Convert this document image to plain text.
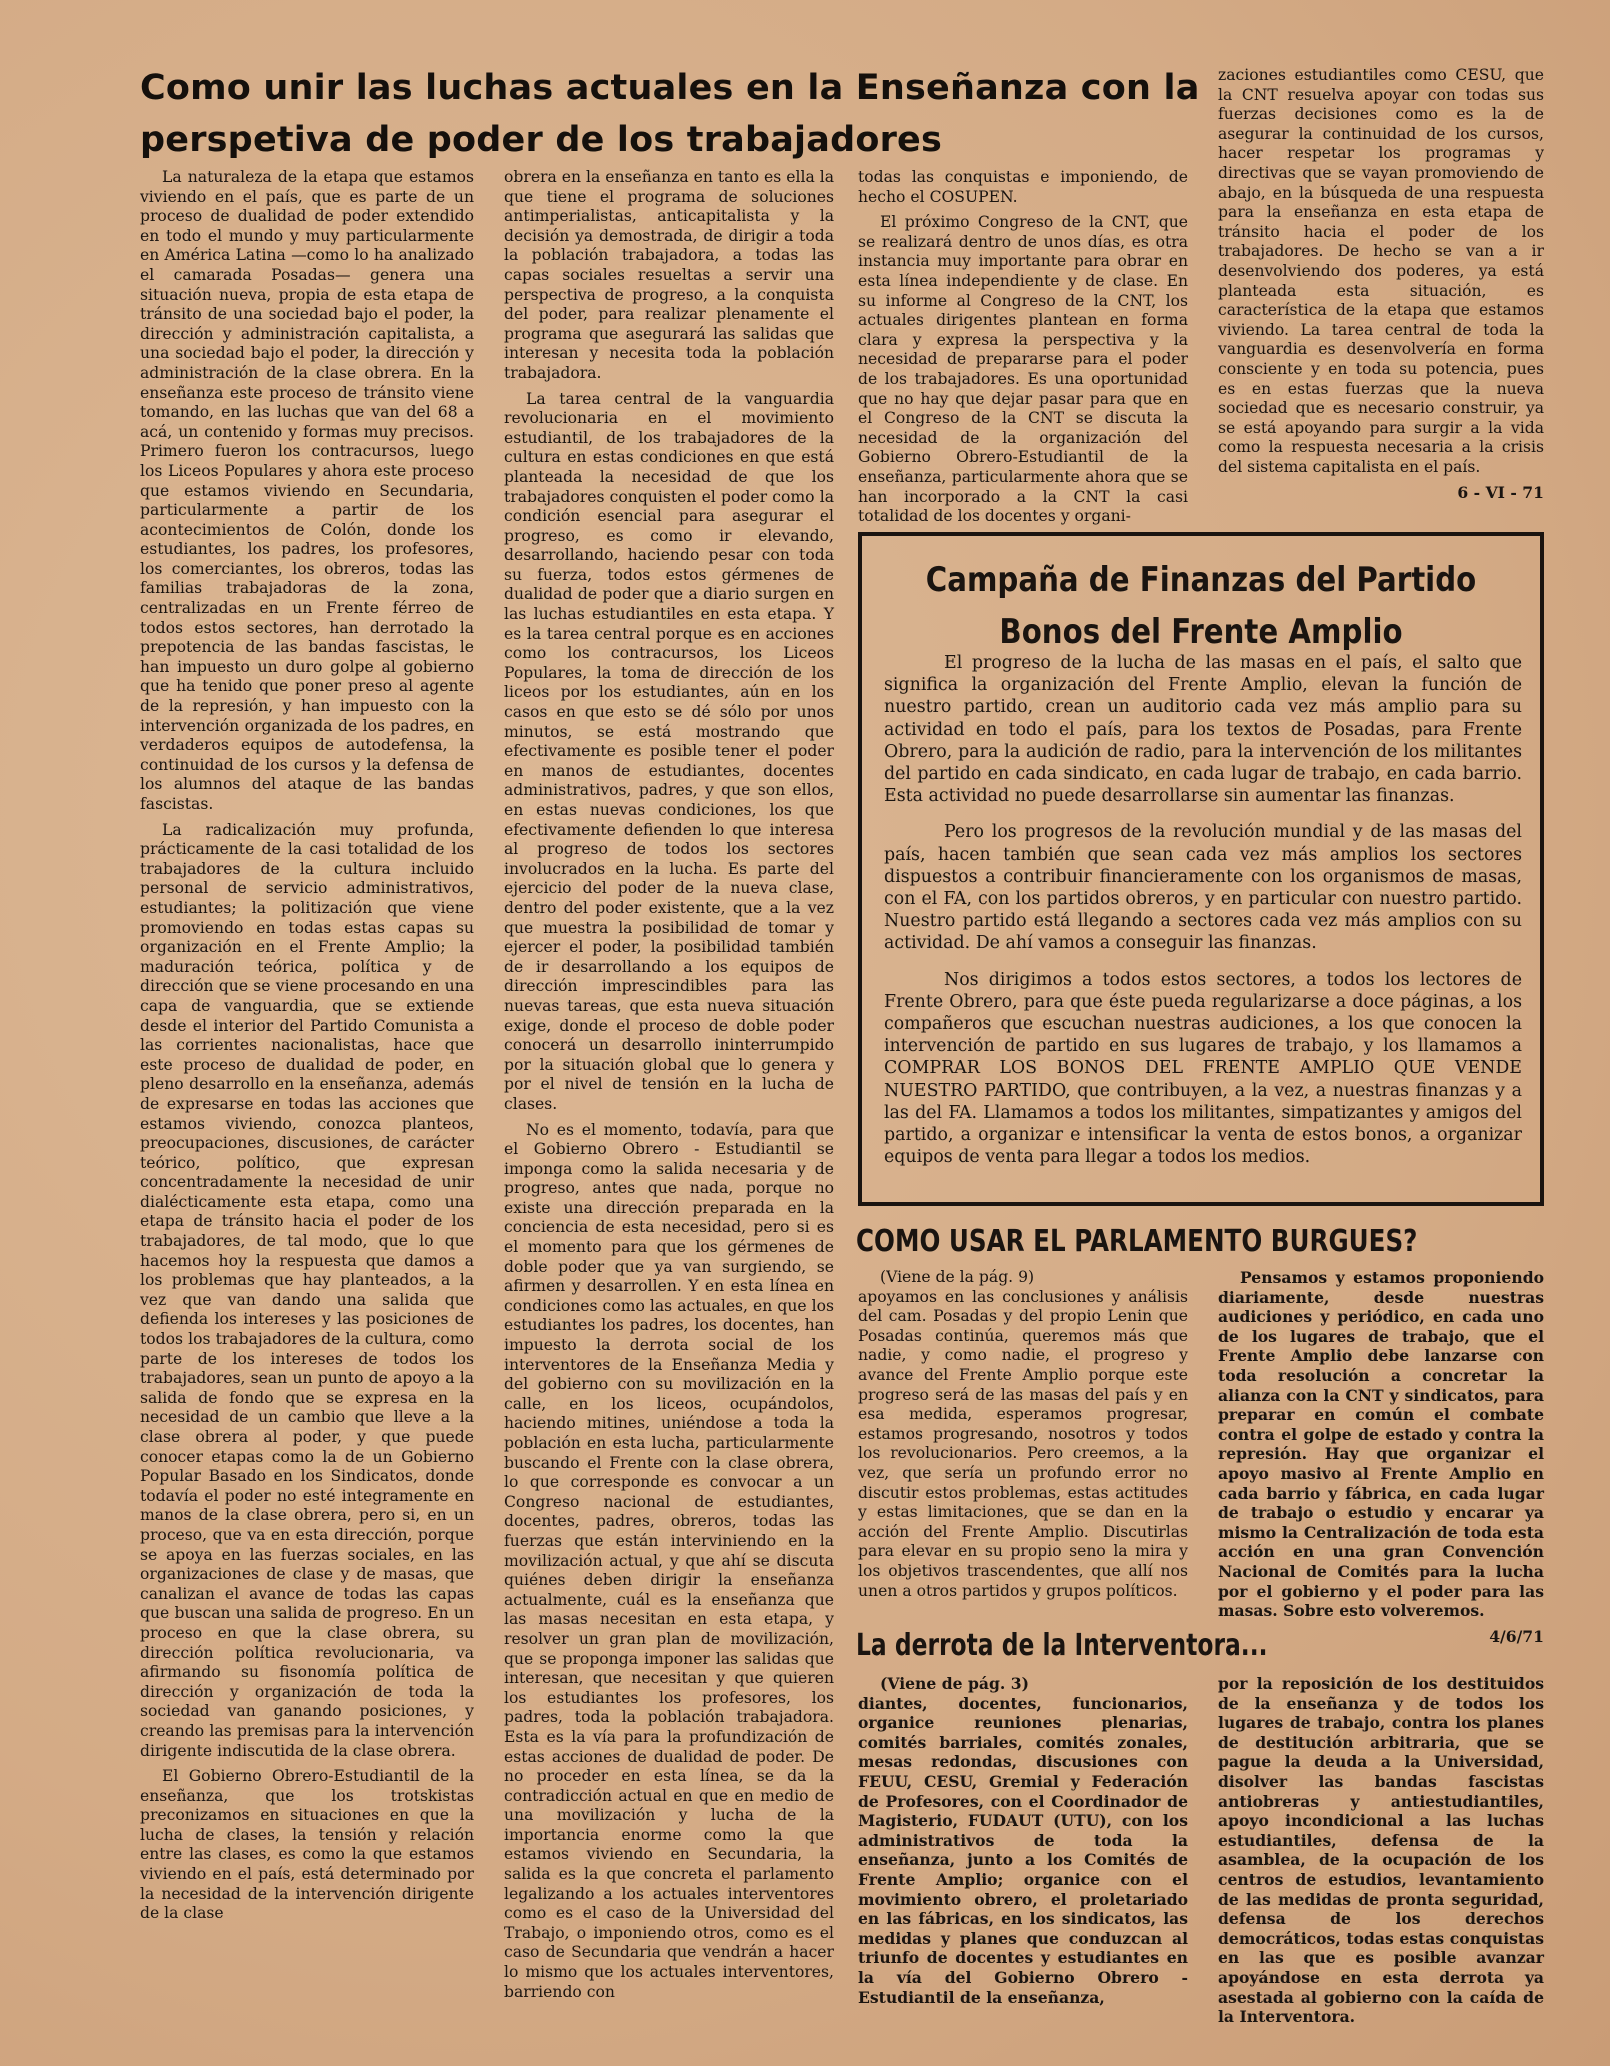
Como unir las luchas actuales en la Enseñanza con la perspetiva de poder de los trabajadores

La naturaleza de la etapa que estamos viviendo en el país, que es parte de un proceso de dualidad de poder extendido en todo el mundo y muy particularmente en América Latina —como lo ha analizado el camarada Posadas— genera una situación nueva, propia de esta etapa de tránsito de una sociedad bajo el poder, la dirección y administración capitalista, a una sociedad bajo el poder, la dirección y administración de la clase obrera. En la enseñanza este proceso de tránsito viene tomando, en las luchas que van del 68 a acá, un contenido y formas muy precisos. Primero fueron los contracursos, luego los Liceos Populares y ahora este proceso que estamos viviendo en Secundaria, particularmente a partir de los acontecimientos de Colón, donde los estudiantes, los padres, los profesores, los comerciantes, los obreros, todas las familias trabajadoras de la zona, centralizadas en un Frente férreo de todos estos sectores, han derrotado la prepotencia de las bandas fascistas, le han impuesto un duro golpe al gobierno que ha tenido que poner preso al agente de la represión, y han impuesto con la intervención organizada de los padres, en verdaderos equipos de autodefensa, la continuidad de los cursos y la defensa de los alumnos del ataque de las bandas fascistas.

La radicalización muy profunda, prácticamente de la casi totalidad de los trabajadores de la cultura incluido personal de servicio administrativos, estudiantes; la politización que viene promoviendo en todas estas capas su organización en el Frente Amplio; la maduración teórica, política y de dirección que se viene procesando en una capa de vanguardia, que se extiende desde el interior del Partido Comunista a las corrientes nacionalistas, hace que este proceso de dualidad de poder, en pleno desarrollo en la enseñanza, además de expresarse en todas las acciones que estamos viviendo, conozca planteos, preocupaciones, discusiones, de carácter teórico, político, que expresan concentradamente la necesidad de unir dialécticamente esta etapa, como una etapa de tránsito hacia el poder de los trabajadores, de tal modo, que lo que hacemos hoy la respuesta que damos a los problemas que hay planteados, a la vez que van dando una salida que defienda los intereses y las posiciones de todos los trabajadores de la cultura, como parte de los intereses de todos los trabajadores, sean un punto de apoyo a la salida de fondo que se expresa en la necesidad de un cambio que lleve a la clase obrera al poder, y que puede conocer etapas como la de un Gobierno Popular Basado en los Sindicatos, donde todavía el poder no esté integramente en manos de la clase obrera, pero si, en un proceso, que va en esta dirección, porque se apoya en las fuerzas sociales, en las organizaciones de clase y de masas, que canalizan el avance de todas las capas que buscan una salida de progreso. En un proceso en que la clase obrera, su dirección política revolucionaria, va afirmando su fisonomía política de dirección y organización de toda la sociedad van ganando posiciones, y creando las premisas para la intervención dirigente indiscutida de la clase obrera.

El Gobierno Obrero-Estudiantil de la enseñanza, que los trotskistas preconizamos en situaciones en que la lucha de clases, la tensión y relación entre las clases, es como la que estamos viviendo en el país, está determinado por la necesidad de la intervención dirigente de la clase

obrera en la enseñanza en tanto es ella la que tiene el programa de soluciones antimperialistas, anticapitalista y la decisión ya demostrada, de dirigir a toda la población trabajadora, a todas las capas sociales resueltas a servir una perspectiva de progreso, a la conquista del poder, para realizar plenamente el programa que asegurará las salidas que interesan y necesita toda la población trabajadora.

La tarea central de la vanguardia revolucionaria en el movimiento estudiantil, de los trabajadores de la cultura en estas condiciones en que está planteada la necesidad de que los trabajadores conquisten el poder como la condición esencial para asegurar el progreso, es como ir elevando, desarrollando, haciendo pesar con toda su fuerza, todos estos gérmenes de dualidad de poder que a diario surgen en las luchas estudiantiles en esta etapa. Y es la tarea central porque es en acciones como los contracursos, los Liceos Populares, la toma de dirección de los liceos por los estudiantes, aún en los casos en que esto se dé sólo por unos minutos, se está mostrando que efectivamente es posible tener el poder en manos de estudiantes, docentes administrativos, padres, y que son ellos, en estas nuevas condiciones, los que efectivamente defienden lo que interesa al progreso de todos los sectores involucrados en la lucha. Es parte del ejercicio del poder de la nueva clase, dentro del poder existente, que a la vez que muestra la posibilidad de tomar y ejercer el poder, la posibilidad también de ir desarrollando a los equipos de dirección imprescindibles para las nuevas tareas, que esta nueva situación exige, donde el proceso de doble poder conocerá un desarrollo ininterrumpido por la situación global que lo genera y por el nivel de tensión en la lucha de clases.

No es el momento, todavía, para que el Gobierno Obrero - Estudiantil se imponga como la salida necesaria y de progreso, antes que nada, porque no existe una dirección preparada en la conciencia de esta necesidad, pero si es el momento para que los gérmenes de doble poder que ya van surgiendo, se afirmen y desarrollen. Y en esta línea en condiciones como las actuales, en que los estudiantes los padres, los docentes, han impuesto la derrota social de los interventores de la Enseñanza Media y del gobierno con su movilización en la calle, en los liceos, ocupándolos, haciendo mitines, uniéndose a toda la población en esta lucha, particularmente buscando el Frente con la clase obrera, lo que corresponde es convocar a un Congreso nacional de estudiantes, docentes, padres, obreros, todas las fuerzas que están interviniendo en la movilización actual, y que ahí se discuta quiénes deben dirigir la enseñanza actualmente, cuál es la enseñanza que las masas necesitan en esta etapa, y resolver un gran plan de movilización, que se proponga imponer las salidas que interesan, que necesitan y que quieren los estudiantes los profesores, los padres, toda la población trabajadora. Esta es la vía para la profundización de estas acciones de dualidad de poder. De no proceder en esta línea, se da la contradicción actual en que en medio de una movilización y lucha de la importancia enorme como la que estamos viviendo en Secundaria, la salida es la que concreta el parlamento legalizando a los actuales interventores como es el caso de la Universidad del Trabajo, o imponiendo otros, como es el caso de Secundaria que vendrán a hacer lo mismo que los actuales interventores, barriendo con

todas las conquistas e imponiendo, de hecho el COSUPEN.

El próximo Congreso de la CNT, que se realizará dentro de unos días, es otra instancia muy importante para obrar en esta línea independiente y de clase. En su informe al Congreso de la CNT, los actuales dirigentes plantean en forma clara y expresa la perspectiva y la necesidad de prepararse para el poder de los trabajadores. Es una oportunidad que no hay que dejar pasar para que en el Congreso de la CNT se discuta la necesidad de la organización del Gobierno Obrero-Estudiantil de la enseñanza, particularmente ahora que se han incorporado a la CNT la casi totalidad de los docentes y organi-

zaciones estudiantiles como CESU, que la CNT resuelva apoyar con todas sus fuerzas decisiones como es la de asegurar la continuidad de los cursos, hacer respetar los programas y directivas que se vayan promoviendo de abajo, en la búsqueda de una respuesta para la enseñanza en esta etapa de tránsito hacia el poder de los trabajadores. De hecho se van a ir desenvolviendo dos poderes, ya está planteada esta situación, es característica de la etapa que estamos viviendo. La tarea central de toda la vanguardia es desenvolvería en forma consciente y en toda su potencia, pues es en estas fuerzas que la nueva sociedad que es necesario construir, ya se está apoyando para surgir a la vida como la respuesta necesaria a la crisis del sistema capitalista en el país.

6 - VI - 71

Campaña de Finanzas del Partido
Bonos del Frente Amplio

El progreso de la lucha de las masas en el país, el salto que significa la organización del Frente Amplio, elevan la función de nuestro partido, crean un auditorio cada vez más amplio para su actividad en todo el país, para los textos de Posadas, para Frente Obrero, para la audición de radio, para la intervención de los militantes del partido en cada sindicato, en cada lugar de trabajo, en cada barrio. Esta actividad no puede desarrollarse sin aumentar las finanzas.

Pero los progresos de la revolución mundial y de las masas del país, hacen también que sean cada vez más amplios los sectores dispuestos a contribuir financieramente con los organismos de masas, con el FA, con los partidos obreros, y en particular con nuestro partido. Nuestro partido está llegando a sectores cada vez más amplios con su actividad. De ahí vamos a conseguir las finanzas.

Nos dirigimos a todos estos sectores, a todos los lectores de Frente Obrero, para que éste pueda regularizarse a doce páginas, a los compañeros que escuchan nuestras audiciones, a los que conocen la intervención de partido en sus lugares de trabajo, y los llamamos a COMPRAR LOS BONOS DEL FRENTE AMPLIO QUE VENDE NUESTRO PARTIDO, que contribuyen, a la vez, a nuestras finanzas y a las del FA. Llamamos a todos los militantes, simpatizantes y amigos del partido, a organizar e intensificar la venta de estos bonos, a organizar equipos de venta para llegar a todos los medios.

COMO USAR EL PARLAMENTO BURGUES?

(Viene de la pág. 9)

apoyamos en las conclusiones y análisis del cam. Posadas y del propio Lenin que Posadas continúa, queremos más que nadie, y como nadie, el progreso y avance del Frente Amplio porque este progreso será de las masas del país y en esa medida, esperamos progresar, estamos progresando, nosotros y todos los revolucionarios. Pero creemos, a la vez, que sería un profundo error no discutir estos problemas, estas actitudes y estas limitaciones, que se dan en la acción del Frente Amplio. Discutirlas para elevar en su propio seno la mira y los objetivos trascendentes, que allí nos unen a otros partidos y grupos políticos.

Pensamos y estamos proponiendo diariamente, desde nuestras audiciones y periódico, en cada uno de los lugares de trabajo, que el Frente Amplio debe lanzarse con toda resolución a concretar la alianza con la CNT y sindicatos, para preparar en común el combate contra el golpe de estado y contra la represión. Hay que organizar el apoyo masivo al Frente Amplio en cada barrio y fábrica, en cada lugar de trabajo o estudio y encarar ya mismo la Centralización de toda esta acción en una gran Convención Nacional de Comités para la lucha por el gobierno y el poder para las masas. Sobre esto volveremos.

4/6/71

La derrota de la Interventora...

(Viene de pág. 3)

diantes, docentes, funcionarios, organice reuniones plenarias, comités barriales, comités zonales, mesas redondas, discusiones con FEUU, CESU, Gremial y Federación de Profesores, con el Coordinador de Magisterio, FUDAUT (UTU), con los administrativos de toda la enseñanza, junto a los Comités de Frente Amplio; organice con el movimiento obrero, el proletariado en las fábricas, en los sindicatos, las medidas y planes que conduzcan al triunfo de docentes y estudiantes en la vía del Gobierno Obrero - Estudiantil de la enseñanza,

por la reposición de los destituidos de la enseñanza y de todos los lugares de trabajo, contra los planes de destitución arbitraria, que se pague la deuda a la Universidad, disolver las bandas fascistas antiobreras y antiestudiantiles, apoyo incondicional a las luchas estudiantiles, defensa de la asamblea, de la ocupación de los centros de estudios, levantamiento de las medidas de pronta seguridad, defensa de los derechos democráticos, todas estas conquistas en las que es posible avanzar apoyándose en esta derrota ya asestada al gobierno con la caída de la Interventora.
